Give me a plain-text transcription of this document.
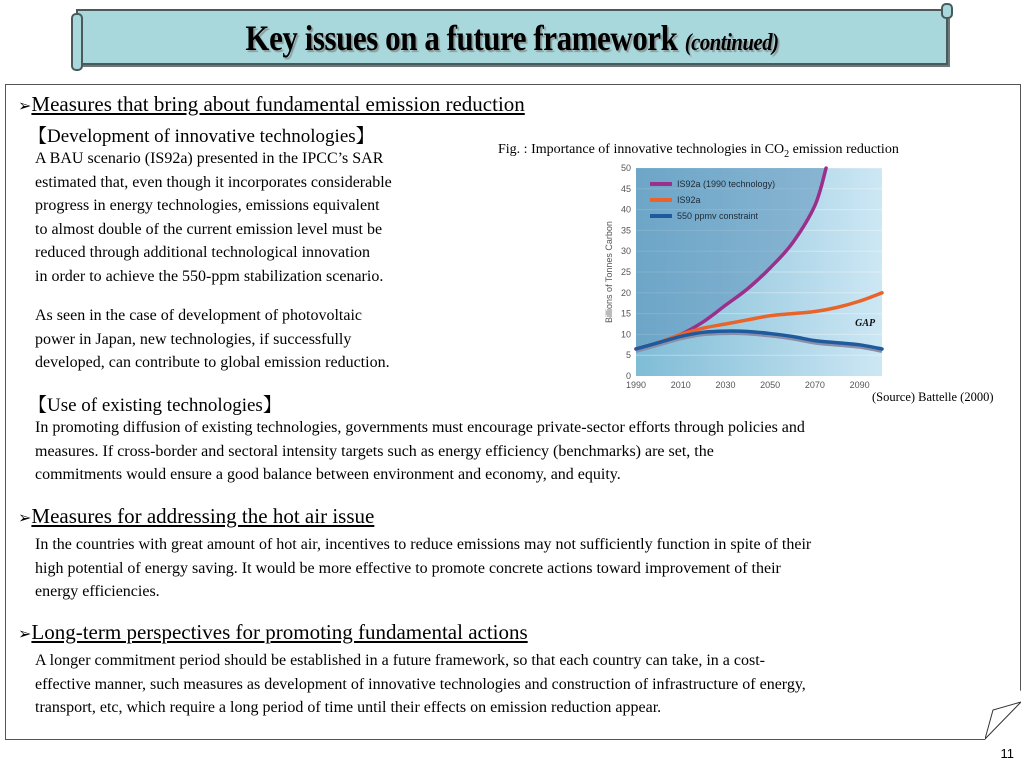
Key issues on a future framework (continued)
➢Measures that bring about fundamental emission reduction
【Development of innovative technologies】
A BAU scenario (IS92a) presented in the IPCC’s SAR
estimated that, even though it incorporates considerable
progress in energy technologies, emissions equivalent
to almost double of the current emission level must be
reduced through additional technological innovation
in order to achieve the 550-ppm stabilization scenario.
As seen in the case of development of photovoltaic
power in Japan, new technologies, if successfully
developed, can contribute to global emission reduction.
【Use of existing technologies】
In promoting diffusion of existing technologies, governments must encourage private-sector efforts through policies and
measures. If cross-border and sectoral intensity targets such as energy efficiency (benchmarks) are set, the
commitments would ensure a good balance between environment and economy, and equity.
➢Measures for addressing the hot air issue
In the countries with great amount of hot air, incentives to reduce emissions may not sufficiently function in spite of their
high potential of energy saving. It would be more effective to promote concrete actions toward improvement of their
energy efficiencies.
➢Long-term perspectives for promoting fundamental actions
A longer commitment period should be established in a future framework, so that each country can take, in a cost-
effective manner, such measures as development of innovative technologies and construction of infrastructure of energy,
transport, etc, which require a long period of time until their effects on emission reduction appear.
Fig. : Importance of innovative technologies in $CO_2$ emission reduction
0
5
10
15
20
25
30
35
40
45
50
1990	2010	2030	2050	2070	2090
IS92a (1990 technology)
IS92a
550 ppmv constraint
Billions of Tonnes Carbon
GAP
(Source) Battelle (2000)
11
